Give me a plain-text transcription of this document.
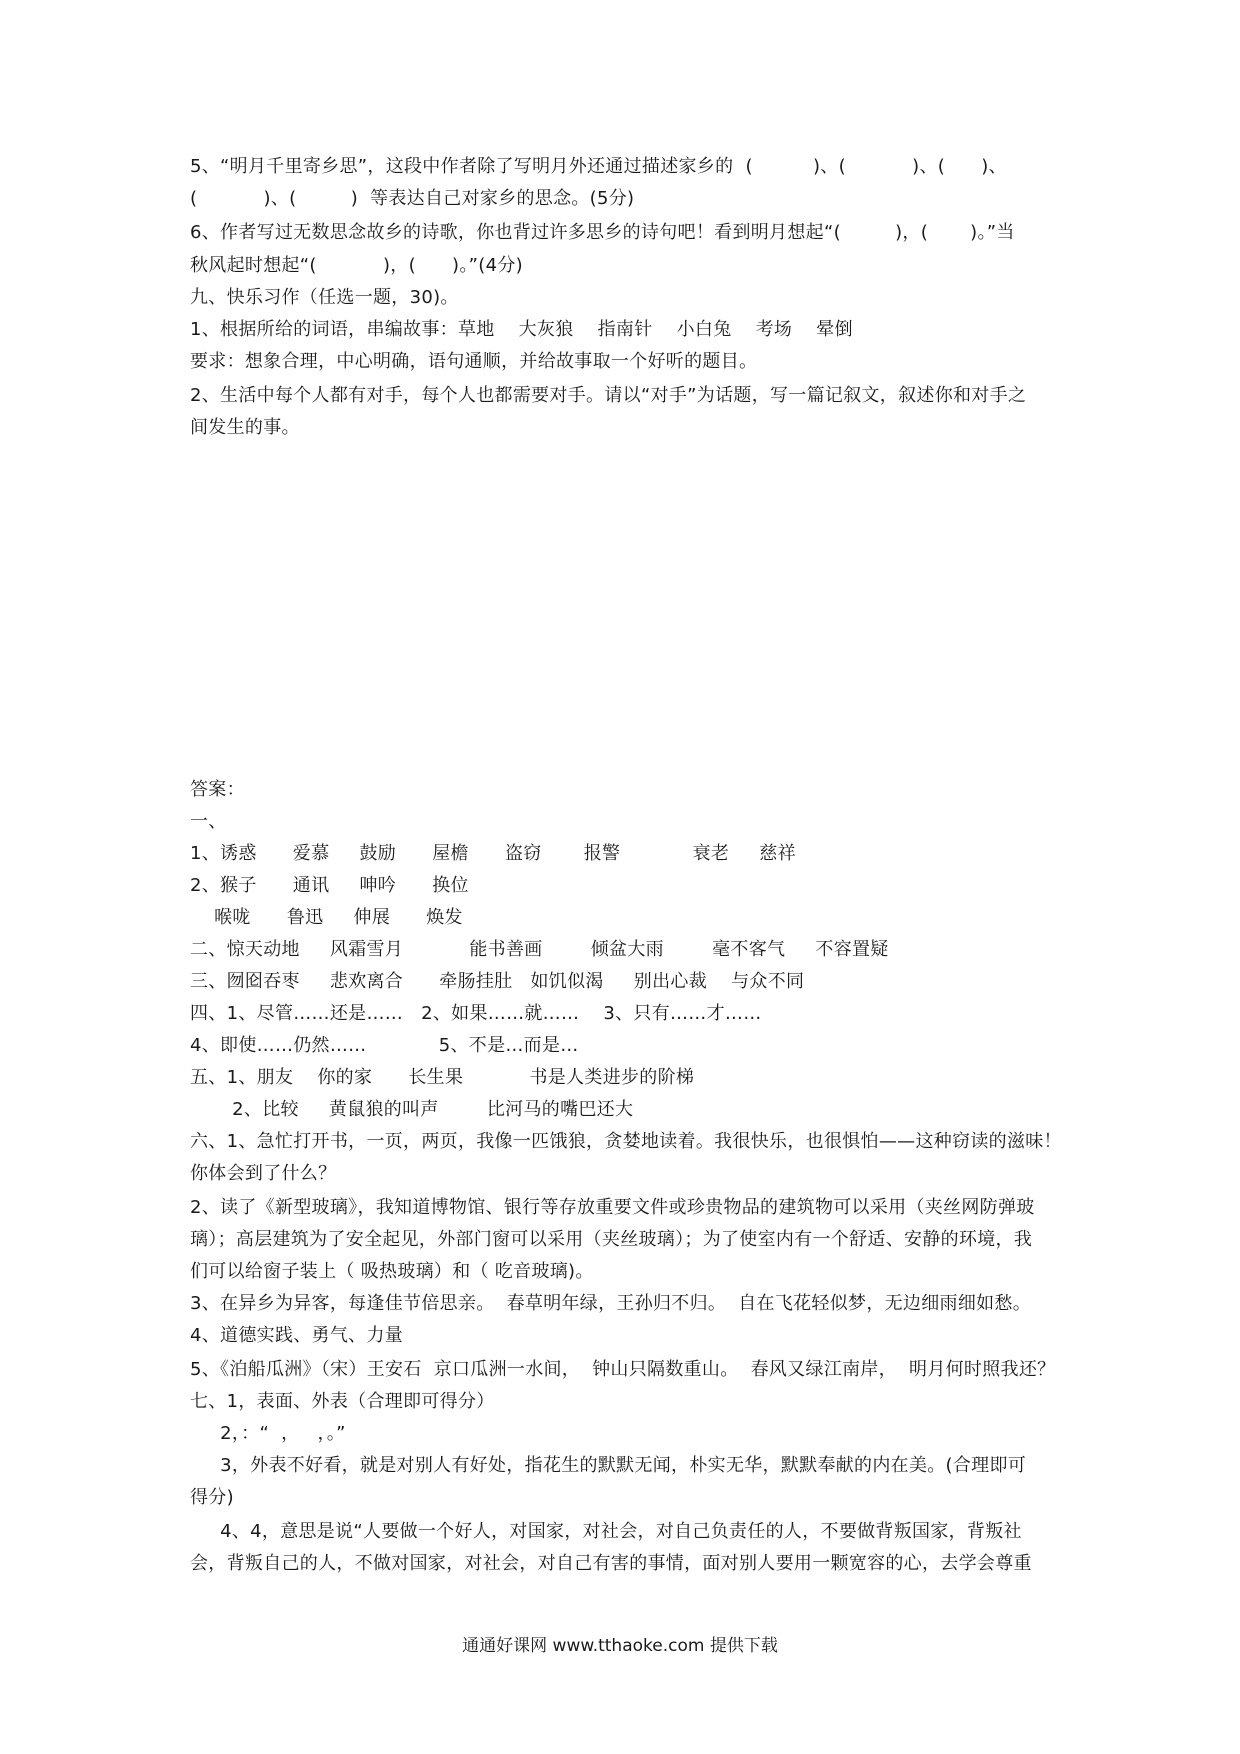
5、“明月千里寄乡思”，这段中作者除了写明月外还通过描述家乡的  (          )、(           )、(      )、
(           )、(         )  等表达自己对家乡的思念。(5分)
6、作者写过无数思念故乡的诗歌，你也背过许多思乡的诗句吧！看到明月想起“(         )，(       )。”当
秋风起时想起“(           )，(      )。”(4分)
九、快乐习作（任选一题，30)。
1、根据所给的词语，串编故事：草地    大灰狼    指南针    小白兔    考场    晕倒
要求：想象合理，中心明确，语句通顺，并给故事取一个好听的题目。
2、生活中每个人都有对手，每个人也都需要对手。请以“对手”为话题，写一篇记叙文，叙述你和对手之
间发生的事。
答案：
一、
1、诱惑      爱慕     鼓励      屋檐      盗窃       报警            衰老     慈祥
2、猴子      通讯     呻吟      换位
喉咙      鲁迅     伸展      焕发
二、惊天动地     风霜雪月           能书善画        倾盆大雨        毫不客气     不容置疑
三、囫囵吞枣     悲欢离合      牵肠挂肚   如饥似渴     别出心裁    与众不同
四、1、尽管……还是……   2、如果……就……    3、只有……才……
4、即使……仍然……            5、不是…而是…
五、1、朋友    你的家      长生果           书是人类进步的阶梯
2、比较     黄鼠狼的叫声        比河马的嘴巴还大
六、1、急忙打开书，一页，两页，我像一匹饿狼，贪婪地读着。我很快乐，也很惧怕——这种窃读的滋味！
你体会到了什么？
2、读了《新型玻璃》，我知道博物馆、银行等存放重要文件或珍贵物品的建筑物可以采用（夹丝网防弹玻
璃）；高层建筑为了安全起见，外部门窗可以采用（夹丝玻璃）；为了使室内有一个舒适、安静的环境，我
们可以给窗子装上（ 吸热玻璃）和（ 吃音玻璃)。
3、在异乡为异客，每逢佳节倍思亲。  春草明年绿，王孙归不归。  自在飞花轻似梦，无边细雨细如愁。
4、道德实践、勇气、力量
5、《泊船瓜洲》（宋）王安石  京口瓜洲一水间，  钟山只隔数重山。  春风又绿江南岸，  明月何时照我还？
七、1，表面、外表（合理即可得分）
2，：“  ，   ，。”
3，外表不好看，就是对别人有好处，指花生的默默无闻，朴实无华，默默奉献的内在美。(合理即可
得分)
4、4，意思是说“人要做一个好人，对国家，对社会，对自己负责任的人，不要做背叛国家，背叛社
会，背叛自己的人，不做对国家，对社会，对自己有害的事情，面对别人要用一颗宽容的心，去学会尊重
通通好课网 www.tthaoke.com 提供下载
